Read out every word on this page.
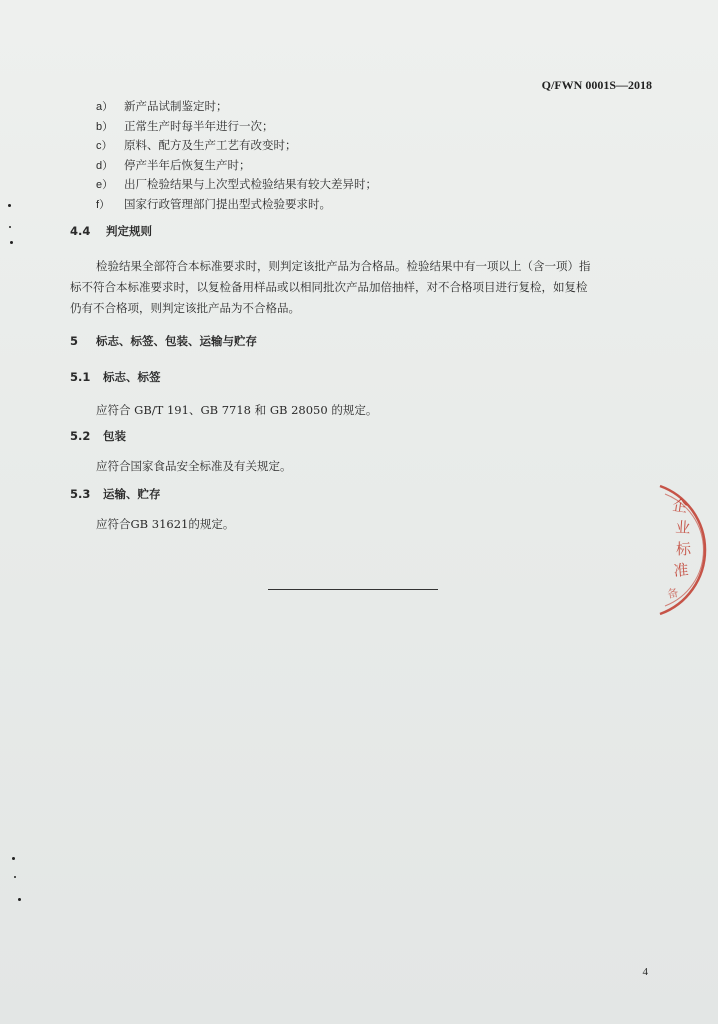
Q/FWN 0001S—2018
a） 新产品试制鉴定时；
b） 正常生产时每半年进行一次；
c） 原料、配方及生产工艺有改变时；
d） 停产半年后恢复生产时；
e） 出厂检验结果与上次型式检验结果有较大差异时；
f） 国家行政管理部门提出型式检验要求时。
4.4 判定规则
检验结果全部符合本标准要求时，则判定该批产品为合格品。检验结果中有一项以上（含一项）指
标不符合本标准要求时，以复检备用样品或以相同批次产品加倍抽样，对不合格项目进行复检，如复检
仍有不合格项，则判定该批产品为不合格品。
5 标志、标签、包装、运输与贮存
5.1 标志、标签
应符合 GB/T 191、GB 7718 和 GB 28050 的规定。
5.2 包装
应符合国家食品安全标准及有关规定。
5.3 运输、贮存
应符合GB 31621的规定。
企
业
标
准
备
4
